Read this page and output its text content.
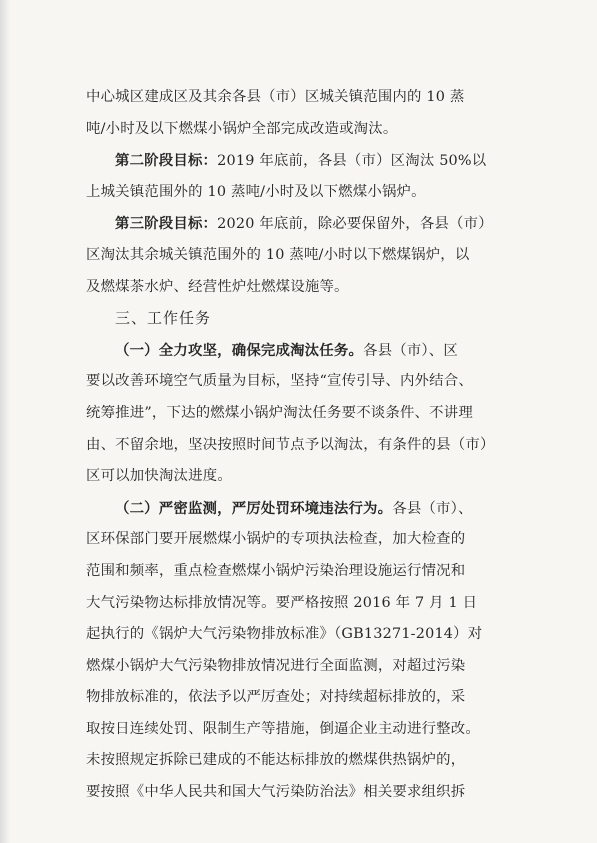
中心城区建成区及其余各县（市）区城关镇范围内的 10 蒸
吨/小时及以下燃煤小锅炉全部完成改造或淘汰。
第二阶段目标：2019 年底前，各县（市）区淘汰 50%以
上城关镇范围外的 10 蒸吨/小时及以下燃煤小锅炉。
第三阶段目标：2020 年底前，除必要保留外，各县（市）
区淘汰其余城关镇范围外的 10 蒸吨/小时以下燃煤锅炉，以
及燃煤茶水炉、经营性炉灶燃煤设施等。
三、工作任务
（一）全力攻坚，确保完成淘汰任务。各县（市）、区
要以改善环境空气质量为目标，坚持“宣传引导、内外结合、
统筹推进”，下达的燃煤小锅炉淘汰任务要不谈条件、不讲理
由、不留余地，坚决按照时间节点予以淘汰，有条件的县（市）
区可以加快淘汰进度。
（二）严密监测，严厉处罚环境违法行为。各县（市）、
区环保部门要开展燃煤小锅炉的专项执法检查，加大检查的
范围和频率，重点检查燃煤小锅炉污染治理设施运行情况和
大气污染物达标排放情况等。要严格按照 2016 年 7 月 1 日
起执行的《锅炉大气污染物排放标准》（GB13271-2014）对
燃煤小锅炉大气污染物排放情况进行全面监测，对超过污染
物排放标准的，依法予以严厉查处；对持续超标排放的，采
取按日连续处罚、限制生产等措施，倒逼企业主动进行整改。
未按照规定拆除已建成的不能达标排放的燃煤供热锅炉的，
要按照《中华人民共和国大气污染防治法》相关要求组织拆
